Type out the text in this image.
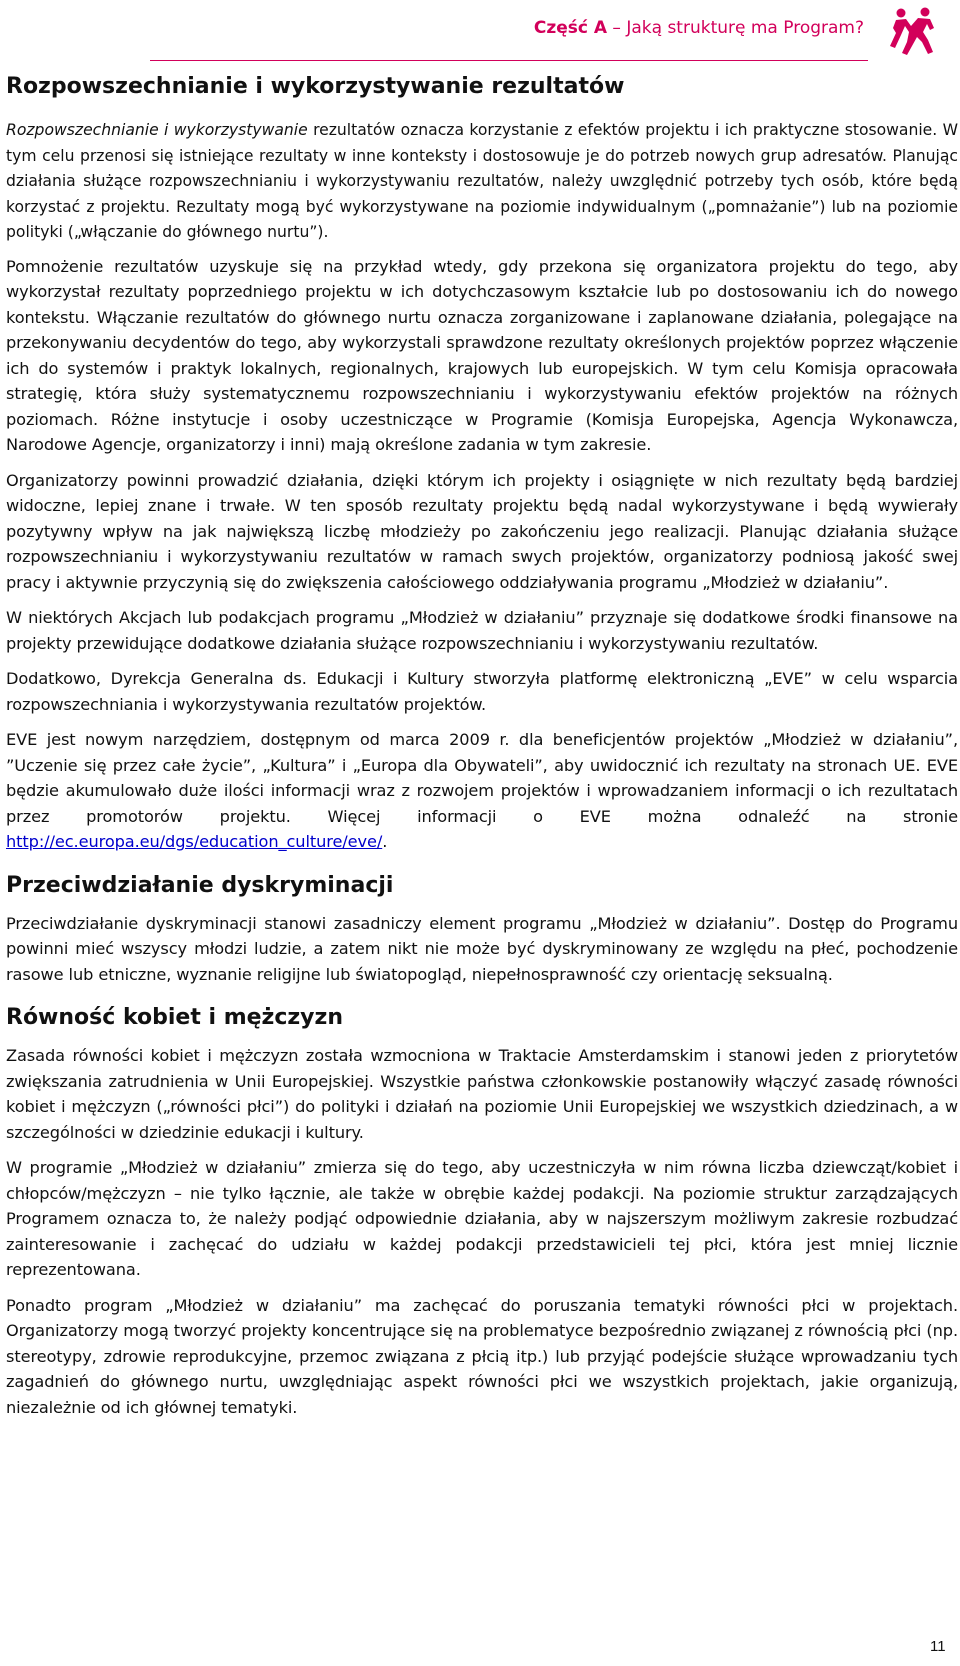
Część A – Jaką strukturę ma Program?
Rozpowszechnianie i wykorzystywanie rezultatów

Rozpowszechnianie i wykorzystywanie rezultatów oznacza korzystanie z efektów projektu i ich praktyczne stosowanie. W tym celu przenosi się istniejące rezultaty w inne konteksty i dostosowuje je do potrzeb nowych grup adresatów. Planując działania służące rozpowszechnianiu i wykorzystywaniu rezultatów, należy uwzględnić potrzeby tych osób, które będą korzystać z projektu. Rezultaty mogą być wykorzystywane na poziomie indywidualnym („pomnażanie”) lub na poziomie polityki („włączanie do głównego nurtu”).

Pomnożenie rezultatów uzyskuje się na przykład wtedy, gdy przekona się organizatora projektu do tego, aby wykorzystał rezultaty poprzedniego projektu w ich dotychczasowym kształcie lub po dostosowaniu ich do nowego kontekstu. Włączanie rezultatów do głównego nurtu oznacza zorganizowane i zaplanowane działania, polegające na przekonywaniu decydentów do tego, aby wykorzystali sprawdzone rezultaty określonych projektów poprzez włączenie ich do systemów i praktyk lokalnych, regionalnych, krajowych lub europejskich. W tym celu Komisja opracowała strategię, która służy systematycznemu rozpowszechnianiu i wykorzystywaniu efektów projektów na różnych poziomach. Różne instytucje i osoby uczestniczące w Programie (Komisja Europejska, Agencja Wykonawcza, Narodowe Agencje, organizatorzy i inni) mają określone zadania w tym zakresie.

Organizatorzy powinni prowadzić działania, dzięki którym ich projekty i osiągnięte w nich rezultaty będą bardziej widoczne, lepiej znane i trwałe. W ten sposób rezultaty projektu będą nadal wykorzystywane i będą wywierały pozytywny wpływ na jak największą liczbę młodzieży po zakończeniu jego realizacji. Planując działania służące rozpowszechnianiu i wykorzystywaniu rezultatów w ramach swych projektów, organizatorzy podniosą jakość swej pracy i aktywnie przyczynią się do zwiększenia całościowego oddziaływania programu „Młodzież w działaniu”.

W niektórych Akcjach lub podakcjach programu „Młodzież w działaniu” przyznaje się dodatkowe środki finansowe na projekty przewidujące dodatkowe działania służące rozpowszechnianiu i wykorzystywaniu rezultatów.

Dodatkowo, Dyrekcja Generalna ds. Edukacji i Kultury stworzyła platformę elektroniczną „EVE” w celu wsparcia rozpowszechniania i wykorzystywania rezultatów projektów.

EVE jest nowym narzędziem, dostępnym od marca 2009 r. dla beneficjentów projektów „Młodzież w działaniu”, ”Uczenie się przez całe życie”, „Kultura” i „Europa dla Obywateli”, aby uwidocznić ich rezultaty na stronach UE. EVE będzie akumulowało duże ilości informacji wraz z rozwojem projektów i wprowadzaniem informacji o ich rezultatach przez promotorów projektu. Więcej informacji o EVE można odnaleźć na stronie http://ec.europa.eu/dgs/education_culture/eve/.

Przeciwdziałanie dyskryminacji

Przeciwdziałanie dyskryminacji stanowi zasadniczy element programu „Młodzież w działaniu”. Dostęp do Programu powinni mieć wszyscy młodzi ludzie, a zatem nikt nie może być dyskryminowany ze względu na płeć, pochodzenie rasowe lub etniczne, wyznanie religijne lub światopogląd, niepełnosprawność czy orientację seksualną.

Równość kobiet i mężczyzn

Zasada równości kobiet i mężczyzn została wzmocniona w Traktacie Amsterdamskim i stanowi jeden z priorytetów zwiększania zatrudnienia w Unii Europejskiej. Wszystkie państwa członkowskie postanowiły włączyć zasadę równości kobiet i mężczyzn („równości płci”) do polityki i działań na poziomie Unii Europejskiej we wszystkich dziedzinach, a w szczególności w dziedzinie edukacji i kultury.

W programie „Młodzież w działaniu” zmierza się do tego, aby uczestniczyła w nim równa liczba dziewcząt/kobiet i chłopców/mężczyzn – nie tylko łącznie, ale także w obrębie każdej podakcji. Na poziomie struktur zarządzających Programem oznacza to, że należy podjąć odpowiednie działania, aby w najszerszym możliwym zakresie rozbudzać zainteresowanie i zachęcać do udziału w każdej podakcji przedstawicieli tej płci, która jest mniej licznie reprezentowana.

Ponadto program „Młodzież w działaniu” ma zachęcać do poruszania tematyki równości płci w projektach. Organizatorzy mogą tworzyć projekty koncentrujące się na problematyce bezpośrednio związanej z równością płci (np. stereotypy, zdrowie reprodukcyjne, przemoc związana z płcią itp.) lub przyjąć podejście służące wprowadzaniu tych zagadnień do głównego nurtu, uwzględniając aspekt równości płci we wszystkich projektach, jakie organizują, niezależnie od ich głównej tematyki.

11
